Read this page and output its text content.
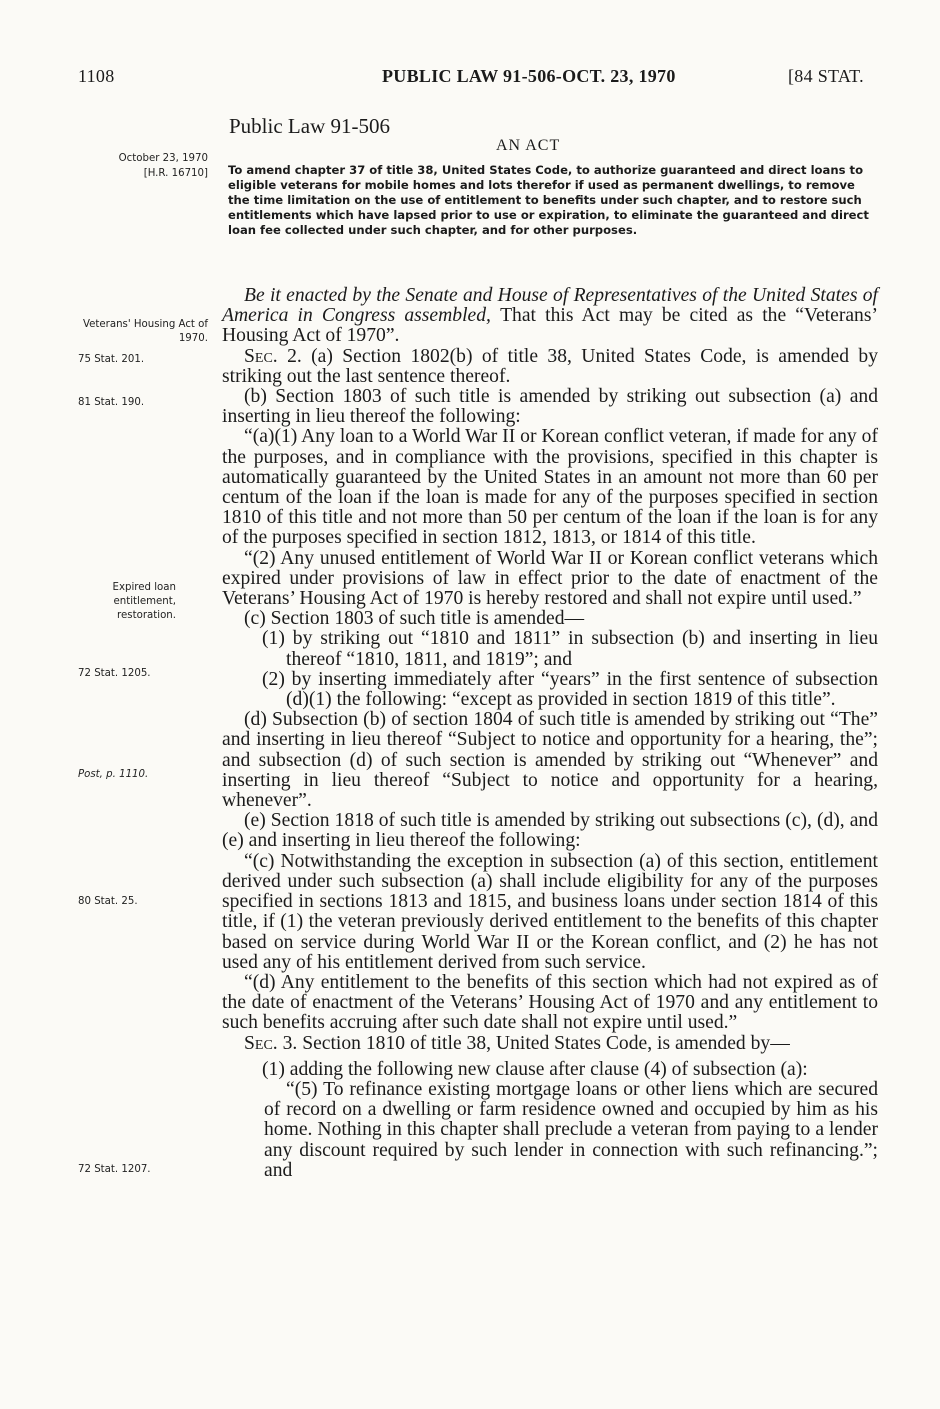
1108	PUBLIC LAW 91-506-OCT. 23, 1970	[84 STAT.
Public Law 91-506
AN ACT
October 23, 1970
[H.R. 16710]
Veterans' Housing Act of 1970.
75 Stat. 201.
81 Stat. 190.
Expired loan entitlement, restoration.
72 Stat. 1205.
Post, p. 1110.
80 Stat. 25.
72 Stat. 1207.
To amend chapter 37 of title 38, United States Code, to authorize guaranteed and direct loans to eligible veterans for mobile homes and lots therefor if used as permanent dwellings, to remove the time limitation on the use of entitlement to benefits under such chapter, and to restore such entitlements which have lapsed prior to use or expiration, to eliminate the guaranteed and direct loan fee collected under such chapter, and for other purposes.

Be it enacted by the Senate and House of Representatives of the United States of America in Congress assembled, That this Act may be cited as the “Veterans’ Housing Act of 1970”.

Sec. 2. (a) Section 1802(b) of title 38, United States Code, is amended by striking out the last sentence thereof.

(b) Section 1803 of such title is amended by striking out subsection (a) and inserting in lieu thereof the following:

“(a)(1) Any loan to a World War II or Korean conflict veteran, if made for any of the purposes, and in compliance with the provisions, specified in this chapter is automatically guaranteed by the United States in an amount not more than 60 per centum of the loan if the loan is made for any of the purposes specified in section 1810 of this title and not more than 50 per centum of the loan if the loan is for any of the purposes specified in section 1812, 1813, or 1814 of this title.

“(2) Any unused entitlement of World War II or Korean conflict veterans which expired under provisions of law in effect prior to the date of enactment of the Veterans’ Housing Act of 1970 is hereby restored and shall not expire until used.”

(c) Section 1803 of such title is amended—

(1) by striking out “1810 and 1811” in subsection (b) and inserting in lieu thereof “1810, 1811, and 1819”; and

(2) by inserting immediately after “years” in the first sentence of subsection (d)(1) the following: “except as provided in section 1819 of this title”.

(d) Subsection (b) of section 1804 of such title is amended by striking out “The” and inserting in lieu thereof “Subject to notice and opportunity for a hearing, the”; and subsection (d) of such section is amended by striking out “Whenever” and inserting in lieu thereof “Subject to notice and opportunity for a hearing, whenever”.

(e) Section 1818 of such title is amended by striking out subsections (c), (d), and (e) and inserting in lieu thereof the following:

“(c) Notwithstanding the exception in subsection (a) of this section, entitlement derived under such subsection (a) shall include eligibility for any of the purposes specified in sections 1813 and 1815, and business loans under section 1814 of this title, if (1) the veteran previously derived entitlement to the benefits of this chapter based on service during World War II or the Korean conflict, and (2) he has not used any of his entitlement derived from such service.

“(d) Any entitlement to the benefits of this section which had not expired as of the date of enactment of the Veterans’ Housing Act of 1970 and any entitlement to such benefits accruing after such date shall not expire until used.”

Sec. 3. Section 1810 of title 38, United States Code, is amended by—

(1) adding the following new clause after clause (4) of subsection (a):

“(5) To refinance existing mortgage loans or other liens which are secured of record on a dwelling or farm residence owned and occupied by him as his home. Nothing in this chapter shall preclude a veteran from paying to a lender any discount required by such lender in connection with such refinancing.”; and
